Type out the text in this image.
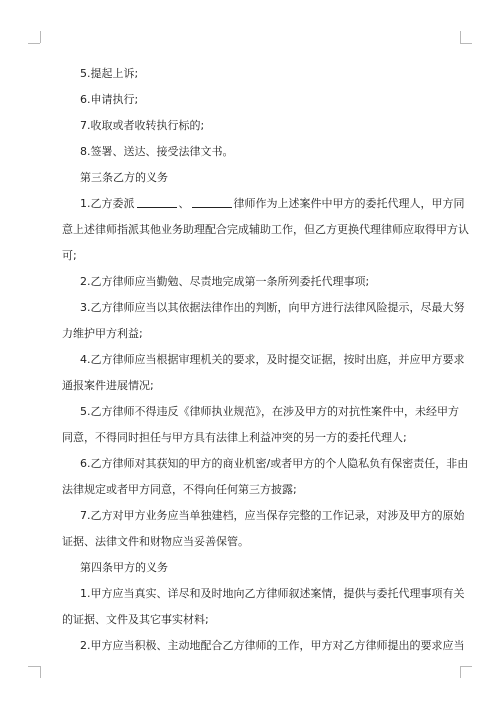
5.提起上诉;

6.申请执行;

7.收取或者收转执行标的;

8.签署、送达、接受法律文书。

第三条乙方的义务

1.乙方委派	、	律师作为上述案件中甲方的委托代理人，甲方同

意上述律师指派其他业务助理配合完成辅助工作，但乙方更换代理律师应取得甲方认

可;

2.乙方律师应当勤勉、尽责地完成第一条所列委托代理事项;

3.乙方律师应当以其依据法律作出的判断，向甲方进行法律风险提示，尽最大努

力维护甲方利益;

4.乙方律师应当根据审理机关的要求，及时提交证据，按时出庭，并应甲方要求

通报案件进展情况;

5.乙方律师不得违反《律师执业规范》，在涉及甲方的对抗性案件中，未经甲方

同意，不得同时担任与甲方具有法律上利益冲突的另一方的委托代理人;

6.乙方律师对其获知的甲方的商业机密/或者甲方的个人隐私负有保密责任，非由

法律规定或者甲方同意，不得向任何第三方披露;

7.乙方对甲方业务应当单独建档，应当保存完整的工作记录，对涉及甲方的原始

证据、法律文件和财物应当妥善保管。

第四条甲方的义务

1.甲方应当真实、详尽和及时地向乙方律师叙述案情，提供与委托代理事项有关

的证据、文件及其它事实材料;

2.甲方应当积极、主动地配合乙方律师的工作，甲方对乙方律师提出的要求应当
